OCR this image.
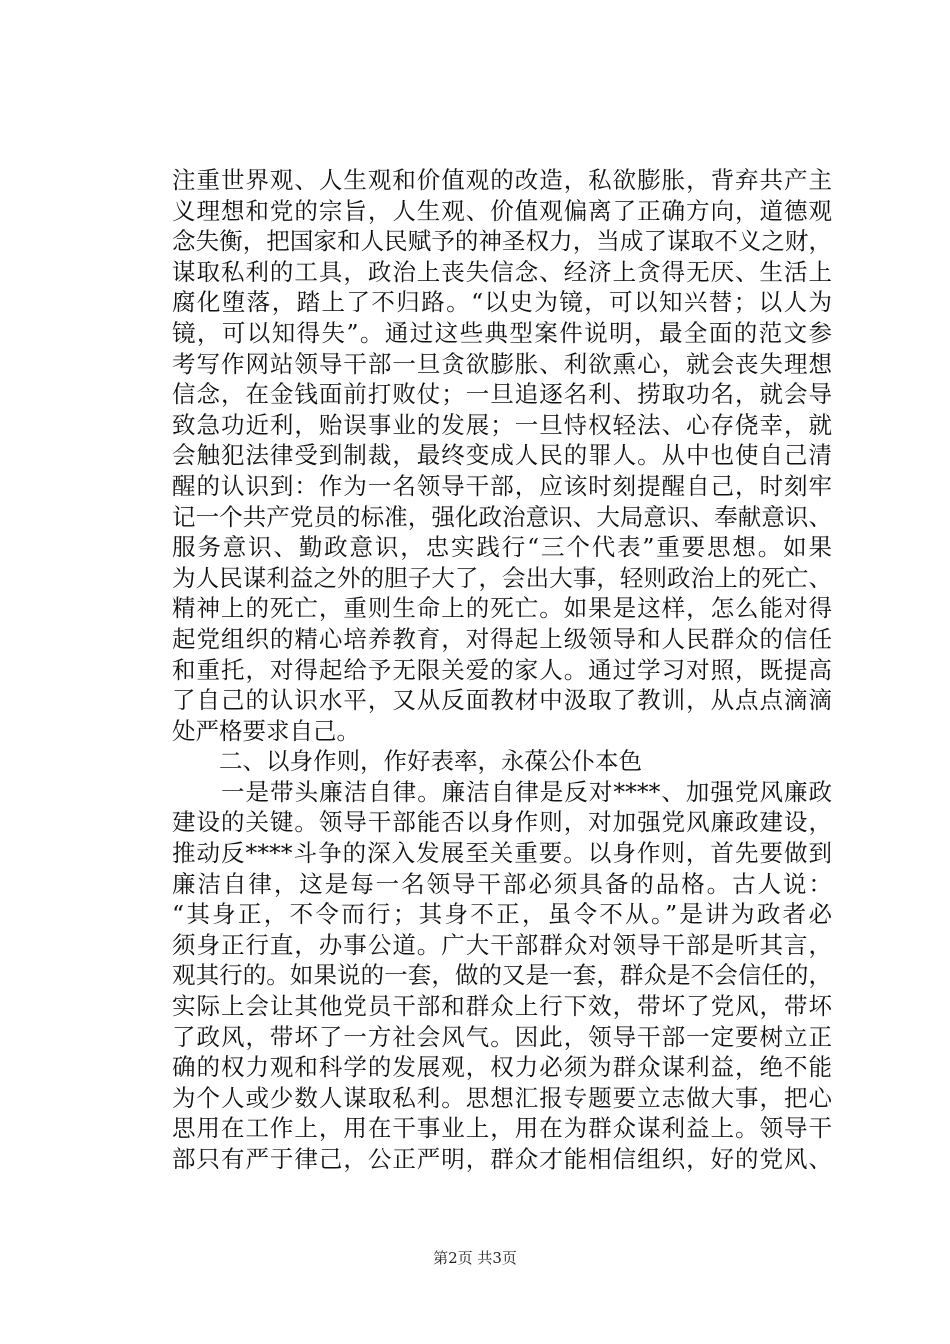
注重世界观、人生观和价值观的改造，私欲膨胀，背弃共产主
义理想和党的宗旨，人生观、价值观偏离了正确方向，道德观
念失衡，把国家和人民赋予的神圣权力，当成了谋取不义之财，
谋取私利的工具，政治上丧失信念、经济上贪得无厌、生活上
腐化堕落，踏上了不归路。“以史为镜，可以知兴替；以人为
镜，可以知得失”。通过这些典型案件说明，最全面的范文参
考写作网站领导干部一旦贪欲膨胀、利欲熏心，就会丧失理想
信念，在金钱面前打败仗；一旦追逐名利、捞取功名，就会导
致急功近利，贻误事业的发展；一旦恃权轻法、心存侥幸，就
会触犯法律受到制裁，最终变成人民的罪人。从中也使自己清
醒的认识到：作为一名领导干部，应该时刻提醒自己，时刻牢
记一个共产党员的标准，强化政治意识、大局意识、奉献意识、
服务意识、勤政意识，忠实践行“三个代表”重要思想。如果
为人民谋利益之外的胆子大了，会出大事，轻则政治上的死亡、
精神上的死亡，重则生命上的死亡。如果是这样，怎么能对得
起党组织的精心培养教育，对得起上级领导和人民群众的信任
和重托，对得起给予无限关爱的家人。通过学习对照，既提高
了自己的认识水平，又从反面教材中汲取了教训，从点点滴滴
处严格要求自己。
　　二、以身作则，作好表率，永葆公仆本色
　　一是带头廉洁自律。廉洁自律是反对****、加强党风廉政
建设的关键。领导干部能否以身作则，对加强党风廉政建设，
推动反****斗争的深入发展至关重要。以身作则，首先要做到
廉洁自律，这是每一名领导干部必须具备的品格。古人说：
“其身正，不令而行；其身不正，虽令不从。”是讲为政者必
须身正行直，办事公道。广大干部群众对领导干部是听其言，
观其行的。如果说的一套，做的又是一套，群众是不会信任的，
实际上会让其他党员干部和群众上行下效，带坏了党风，带坏
了政风，带坏了一方社会风气。因此，领导干部一定要树立正
确的权力观和科学的发展观，权力必须为群众谋利益，绝不能
为个人或少数人谋取私利。思想汇报专题要立志做大事，把心
思用在工作上，用在干事业上，用在为群众谋利益上。领导干
部只有严于律己，公正严明，群众才能相信组织，好的党风、
第2页 共3页
